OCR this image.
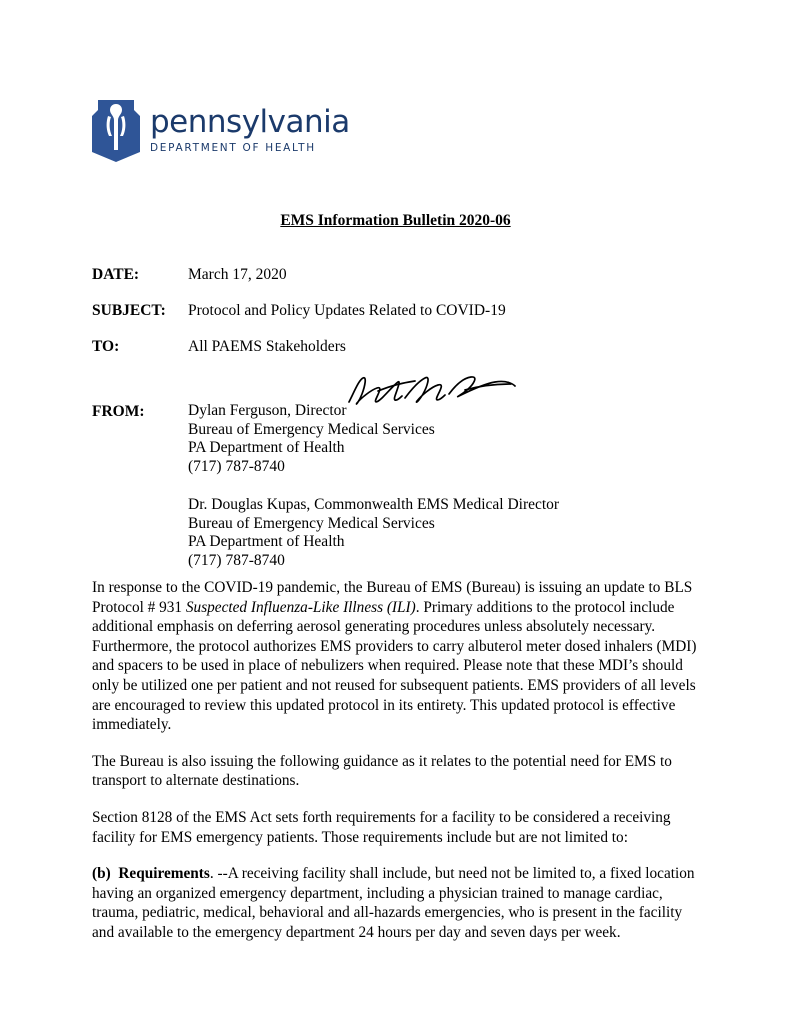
pennsylvania
DEPARTMENT OF HEALTH
EMS Information Bulletin 2020-06
DATE:	March 17, 2020
SUBJECT:	Protocol and Policy Updates Related to COVID-19
TO:	All PAEMS Stakeholders
FROM:	Dylan Ferguson, Director
Bureau of Emergency Medical Services
PA Department of Health
(717) 787-8740
Dr. Douglas Kupas, Commonwealth EMS Medical Director
Bureau of Emergency Medical Services
PA Department of Health
(717) 787-8740

In response to the COVID-19 pandemic, the Bureau of EMS (Bureau) is issuing an update to BLS Protocol # 931 Suspected Influenza-Like Illness (ILI). Primary additions to the protocol include additional emphasis on deferring aerosol generating procedures unless absolutely necessary. Furthermore, the protocol authorizes EMS providers to carry albuterol meter dosed inhalers (MDI) and spacers to be used in place of nebulizers when required. Please note that these MDI’s should only be utilized one per patient and not reused for subsequent patients. EMS providers of all levels are encouraged to review this updated protocol in its entirety. This updated protocol is effective immediately.

The Bureau is also issuing the following guidance as it relates to the potential need for EMS to transport to alternate destinations.

Section 8128 of the EMS Act sets forth requirements for a facility to be considered a receiving facility for EMS emergency patients. Those requirements include but are not limited to:

(b) Requirements. --A receiving facility shall include, but need not be limited to, a fixed location having an organized emergency department, including a physician trained to manage cardiac, trauma, pediatric, medical, behavioral and all-hazards emergencies, who is present in the facility and available to the emergency department 24 hours per day and seven days per week.
